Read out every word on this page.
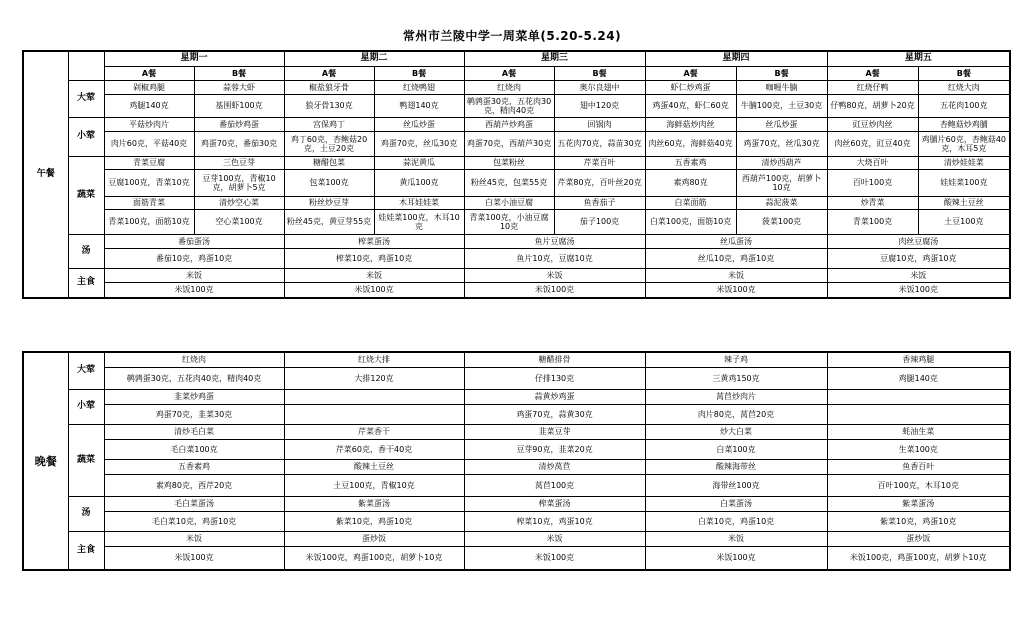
常州市兰陵中学一周菜单(5.20-5.24)
午餐		星期一		星期二		星期三		星期四		星期五	
		A餐	B餐	A餐	B餐	A餐	B餐	A餐	B餐	A餐	B餐
	大荤	剁椒鸡腿	蒜蓉大虾	椒盐狼牙骨	红烧鸭翅	红烧肉	奥尔良翅中	虾仁炒鸡蛋	咖喱牛腩	红烧仔鸭	红烧大肉
		鸡腿140克	基围虾100克	狼牙骨130克	鸭翅140克	鹌鹑蛋30克，五花肉30克，精肉40克	翅中120克	鸡蛋40克，虾仁60克	牛腩100克，土豆30克	仔鸭80克，胡萝卜20克	五花肉100克
	小荤	平菇炒肉片	番茄炒鸡蛋	宫保鸡丁	丝瓜炒蛋	西葫芦炒鸡蛋	回锅肉	海鲜菇炒肉丝	丝瓜炒蛋	豇豆炒肉丝	杏鲍菇炒鸡脯
		肉片60克，平菇40克	鸡蛋70克，番茄30克	鸡丁60克，杏鲍菇20克，土豆20克	鸡蛋70克，丝瓜30克	鸡蛋70克，西葫芦30克	五花肉70克，蒜苗30克	肉丝60克，海鲜菇40克	鸡蛋70克，丝瓜30克	肉丝60克，豇豆40克	鸡脯片60克，杏鲍菇40克，木耳5克
	蔬菜	青菜豆腐	三色豆芽	糖醋包菜	蒜泥黄瓜	包菜粉丝	芹菜百叶	五香素鸡	清炒西葫芦	大烧百叶	清炒娃娃菜
		豆腐100克，青菜10克	豆芽100克，青椒10克，胡萝卜5克	包菜100克	黄瓜100克	粉丝45克，包菜55克	芹菜80克，百叶丝20克	素鸡80克	西葫芦100克，胡萝卜10克	百叶100克	娃娃菜100克
		面筋青菜	清炒空心菜	粉丝炒豆芽	木耳娃娃菜	白菜小油豆腐	鱼香茄子	白菜面筋	蒜泥菠菜	炒青菜	酸辣土豆丝
		青菜100克，面筋10克	空心菜100克	粉丝45克，黄豆芽55克	娃娃菜100克，木耳10克	青菜100克，小油豆腐10克	茄子100克	白菜100克，面筋10克	菠菜100克	青菜100克	土豆100克
	汤	番茄蛋汤		榨菜蛋汤		鱼片豆腐汤		丝瓜蛋汤		肉丝豆腐汤	
		番茄10克，鸡蛋10克		榨菜10克，鸡蛋10克		鱼片10克，豆腐10克		丝瓜10克，鸡蛋10克		豆腐10克，鸡蛋10克	
	主食	米饭		米饭		米饭		米饭		米饭	
		米饭100克		米饭100克		米饭100克		米饭100克		米饭100克	
晚餐	大荤	红烧肉	红烧大排	糖醋排骨	辣子鸡	香辣鸡腿
		鹌鹑蛋30克，五花肉40克，精肉40克	大排120克	仔排130克	三黄鸡150克	鸡腿140克
	小荤	韭菜炒鸡蛋		蒜黄炒鸡蛋	莴苣炒肉片	
		鸡蛋70克，韭菜30克		鸡蛋70克，蒜黄30克	肉片80克，莴苣20克	
	蔬菜	清炒毛白菜	芹菜香干	韭菜豆芽	炒大白菜	蚝油生菜
		毛白菜100克	芹菜60克，香干40克	豆芽90克，韭菜20克	白菜100克	生菜100克
		五香素鸡	酸辣土豆丝	清炒莴苣	酸辣海带丝	鱼香百叶
		素鸡80克，西芹20克	土豆100克，青椒10克	莴苣100克	海带丝100克	百叶100克，木耳10克
	汤	毛白菜蛋汤	紫菜蛋汤	榨菜蛋汤	白菜蛋汤	紫菜蛋汤
		毛白菜10克，鸡蛋10克	紫菜10克，鸡蛋10克	榨菜10克，鸡蛋10克	白菜10克，鸡蛋10克	紫菜10克，鸡蛋10克
	主食	米饭	蛋炒饭	米饭	米饭	蛋炒饭
		米饭100克	米饭100克，鸡蛋100克，胡萝卜10克	米饭100克	米饭100克	米饭100克，鸡蛋100克，胡萝卜10克
